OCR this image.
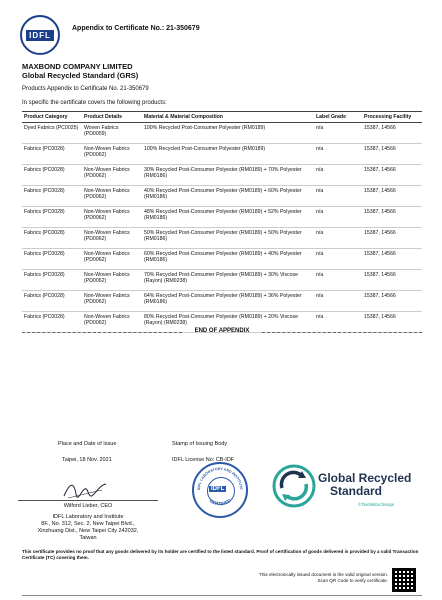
IDFL
Appendix to Certificate No.: 21-350679
MAXBOND COMPANY LIMITED
Global Recycled Standard (GRS)
Products Appendix to Certificate No. 21-350679
In specific the certificate covers the following products:
Product Category	Product Details	Material & Material Composition	Label Grade	Processing Facility
Dyed Fabrics (PC0025)	Woven Fabrics (PD0059)	100% Recycled Post-Consumer Polyester (RM0189)	n/a	15387, 14566
Fabrics (PC0028)	Non-Woven Fabrics (PD0062)	100% Recycled Post-Consumer Polyester (RM0189)	n/a	15387, 14566
Fabrics (PC0028)	Non-Woven Fabrics (PD0062)	30% Recycled Post-Consumer Polyester (RM0189) + 70% Polyester (RM0186)	n/a	15387, 14566
Fabrics (PC0028)	Non-Woven Fabrics (PD0062)	40% Recycled Post-Consumer Polyester (RM0189) + 60% Polyester (RM0186)	n/a	15387, 14566
Fabrics (PC0028)	Non-Woven Fabrics (PD0062)	48% Recycled Post-Consumer Polyester (RM0189) + 52% Polyester (RM0186)	n/a	15387, 14566
Fabrics (PC0028)	Non-Woven Fabrics (PD0062)	50% Recycled Post-Consumer Polyester (RM0189) + 50% Polyester (RM0186)	n/a	15387, 14566
Fabrics (PC0028)	Non-Woven Fabrics (PD0062)	60% Recycled Post-Consumer Polyester (RM0189) + 40% Polyester (RM0186)	n/a	15387, 14566
Fabrics (PC0028)	Non-Woven Fabrics (PD0062)	70% Recycled Post-Consumer Polyester (RM0189) + 30% Viscose (Rayon) (RM0238)	n/a	15387, 14566
Fabrics (PC0028)	Non-Woven Fabrics (PD0062)	64% Recycled Post-Consumer Polyester (RM0189) + 36% Polyester (RM0186)	n/a	15387, 14566
Fabrics (PC0028)	Non-Woven Fabrics (PD0062)	80% Recycled Post-Consumer Polyester (RM0189) + 20% Viscose (Rayon) (RM0238)	n/a	15387, 14566
END OF APPENDIX
Place and Date of Issue
Taipei, 18 Nov. 2021
Stamp of Issuing Body
IDFL License No: CB-IDF
Wilford Lieber, CEO
IDFL Laboratory and Institute
8F., No. 312, Sec. 2, New Taipei Blvd.,
Xinzhuang Dist., New Taipei City 242032,
Taiwan
IDFL
IDFL LABORATORY AND INSTITUTE
CERTIFIED
Global Recycled
Standard
©TextileExchange
This certificate provides no proof that any goods delivered by its holder are certified to the listed standard. Proof of certification of goods delivered is provided by a valid Transaction Certificate (TC) covering them.
This electronically issued document is the valid original version.
Scan QR Code to verify certificate.
